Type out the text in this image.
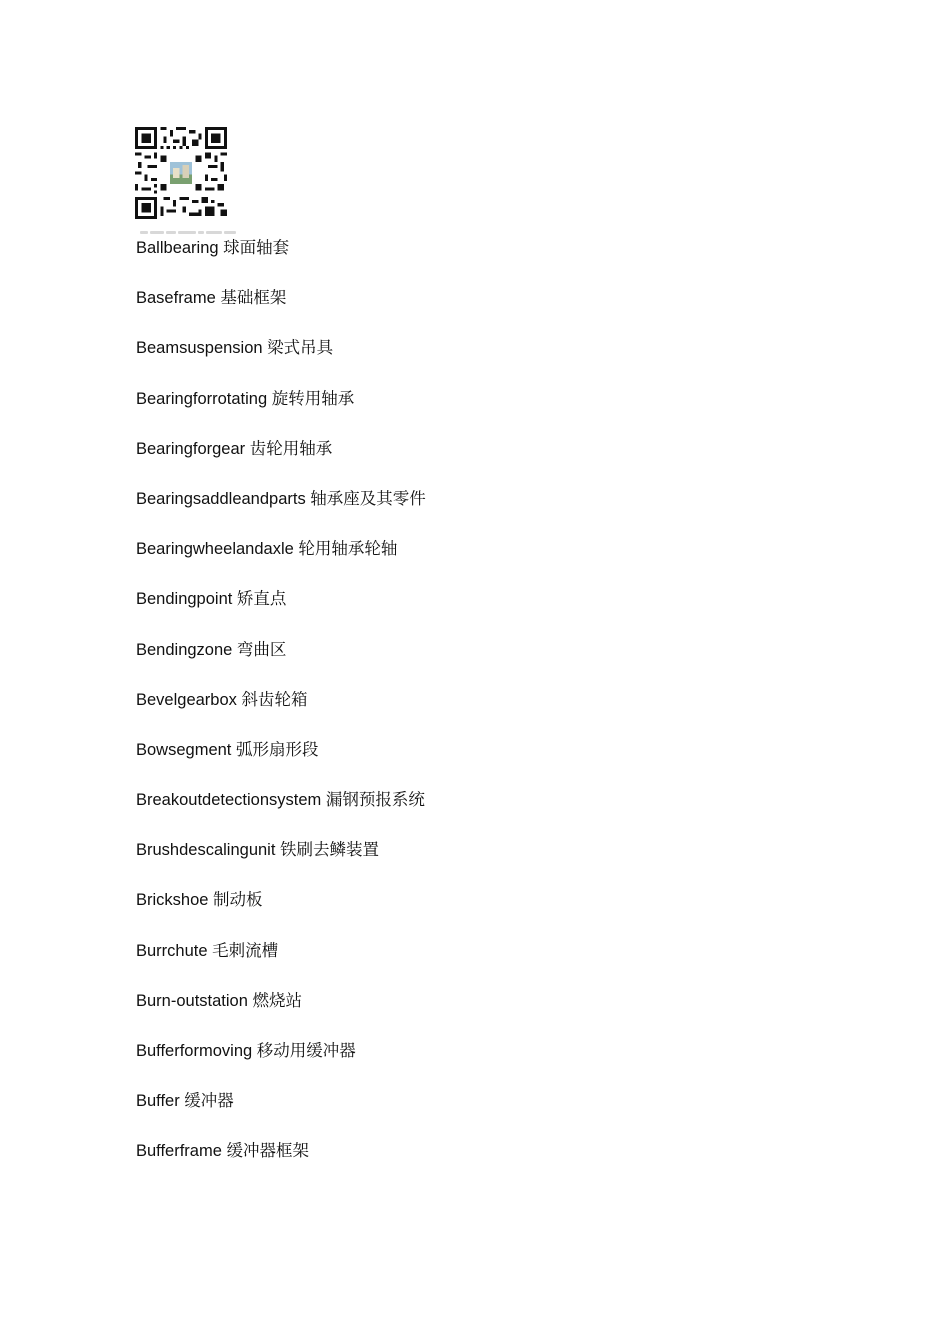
Ballbearing 球面轴套
Baseframe 基础框架
Beamsuspension 梁式吊具
Bearingforrotating 旋转用轴承
Bearingforgear 齿轮用轴承
Bearingsaddleandparts 轴承座及其零件
Bearingwheelandaxle 轮用轴承轮轴
Bendingpoint 矫直点
Bendingzone 弯曲区
Bevelgearbox 斜齿轮箱
Bowsegment 弧形扇形段
Breakoutdetectionsystem 漏钢预报系统
Brushdescalingunit 铁刷去鳞装置
Brickshoe 制动板
Burrchute 毛刺流槽
Burn-outstation 燃烧站
Bufferformoving 移动用缓冲器
Buffer 缓冲器
Bufferframe 缓冲器框架
